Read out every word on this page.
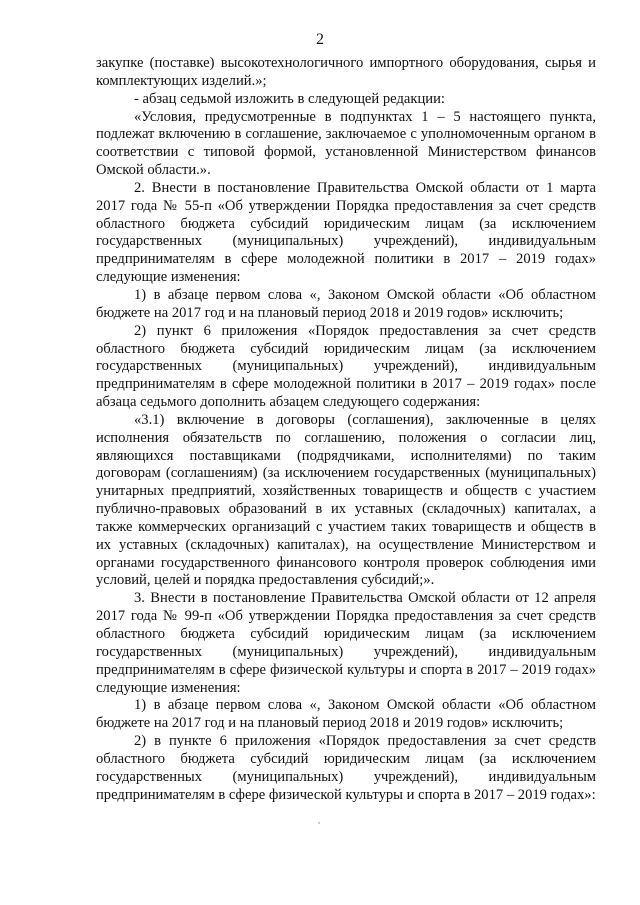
2

закупке (поставке) высокотехнологичного импортного оборудования, сырья и комплектующих изделий.»;

- абзац седьмой изложить в следующей редакции:

«Условия, предусмотренные в подпунктах 1 – 5 настоящего пункта, подлежат включению в соглашение, заключаемое с уполномоченным органом в соответствии с типовой формой, установленной Министерством финансов Омской области.».

2. Внести в постановление Правительства Омской области от 1 марта 2017 года № 55-п «Об утверждении Порядка предоставления за счет средств областного бюджета субсидий юридическим лицам (за исключением государственных (муниципальных) учреждений), индивидуальным предпринимателям в сфере молодежной политики в 2017 – 2019 годах» следующие изменения:

1) в абзаце первом слова «, Законом Омской области «Об областном бюджете на 2017 год и на плановый период 2018 и 2019 годов» исключить;

2) пункт 6 приложения «Порядок предоставления за счет средств областного бюджета субсидий юридическим лицам (за исключением государственных (муниципальных) учреждений), индивидуальным предпринимателям в сфере молодежной политики в 2017 – 2019 годах» после абзаца седьмого дополнить абзацем следующего содержания:

«3.1) включение в договоры (соглашения), заключенные в целях исполнения обязательств по соглашению, положения о согласии лиц, являющихся поставщиками (подрядчиками, исполнителями) по таким договорам (соглашениям) (за исключением государственных (муниципальных) унитарных предприятий, хозяйственных товариществ и обществ с участием публично-правовых образований в их уставных (складочных) капиталах, а также коммерческих организаций с участием таких товариществ и обществ в их уставных (складочных) капиталах), на осуществление Министерством и органами государственного финансового контроля проверок соблюдения ими условий, целей и порядка предоставления субсидий;».

3. Внести в постановление Правительства Омской области от 12 апреля 2017 года № 99-п «Об утверждении Порядка предоставления за счет средств областного бюджета субсидий юридическим лицам (за исключением государственных (муниципальных) учреждений), индивидуальным предпринимателям в сфере физической культуры и спорта в 2017 – 2019 годах» следующие изменения:

1) в абзаце первом слова «, Законом Омской области «Об областном бюджете на 2017 год и на плановый период 2018 и 2019 годов» исключить;

2) в пункте 6 приложения «Порядок предоставления за счет средств областного бюджета субсидий юридическим лицам (за исключением государственных (муниципальных) учреждений), индивидуальным предпринимателям в сфере физической культуры и спорта в 2017 – 2019 годах»:
